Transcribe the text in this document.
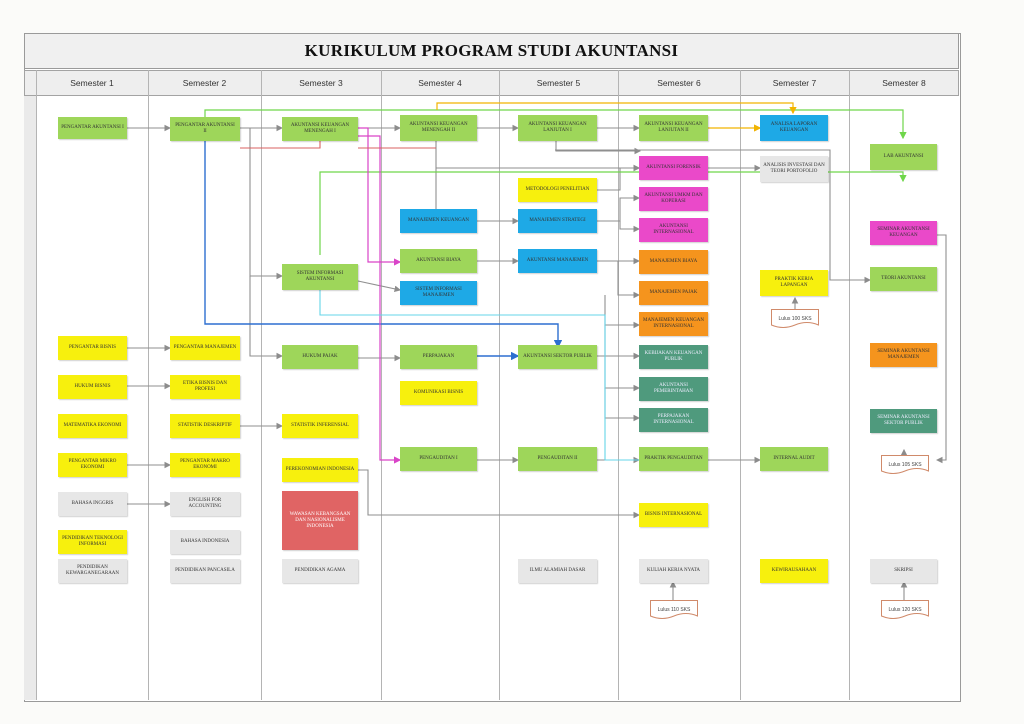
KURIKULUM PROGRAM STUDI AKUNTANSI
Semester 1	Semester 2	Semester 3	Semester 4	Semester 5	Semester 6	Semester 7	Semester 8
PENGANTAR AKUNTANSI I
PENGANTAR BISNIS
HUKUM BISNIS
MATEMATIKA EKONOMI
PENGANTAR MIKRO EKONOMI
BAHASA INGGRIS
PENDIDIKAN TEKNOLOGI INFORMASI
PENDIDIKAN KEWARGANEGARAAN
PENGANTAR AKUNTANSI II
PENGANTAR MANAJEMEN
ETIKA BISNIS DAN PROFESI
STATISTIK DESKRIPTIF
PENGANTAR MAKRO EKONOMI
ENGLISH FOR ACCOUNTING
BAHASA INDONESIA
PENDIDIKAN PANCASILA
AKUNTANSI KEUANGAN MENENGAH I
SISTEM INFORMASI AKUNTANSI
HUKUM PAJAK
STATISTIK INFERENSIAL
PEREKONOMIAN INDONESIA
WAWASAN KEBANGSAAN DAN NASIONALISME INDONESIA
PENDIDIKAN AGAMA
AKUNTANSI KEUANGAN MENENGAH II
MANAJEMEN KEUANGAN
AKUNTANSI BIAYA
SISTEM INFORMASI MANAJEMEN
PERPAJAKAN
KOMUNIKASI BISNIS
PENGAUDITAN I
AKUNTANSI KEUANGAN LANJUTAN I
METODOLOGI PENELITIAN
MANAJEMEN STRATEGI
AKUNTANSI MANAJEMEN
AKUNTANSI SEKTOR PUBLIK
PENGAUDITAN II
ILMU ALAMIAH DASAR
AKUNTANSI KEUANGAN LANJUTAN II
AKUNTANSI FORENSIK
AKUNTANSI UMKM DAN KOPERASI
AKUNTANSI INTERNASIONAL
MANAJEMEN BIAYA
MANAJEMEN PAJAK
MANAJEMEN KEUANGAN INTERNASIONAL
KEBIJAKAN KEUANGAN PUBLIK
AKUNTANSI PEMERINTAHAN
PERPAJAKAN INTERNASIONAL
PRAKTIK PENGAUDITAN
BISNIS INTERNASIONAL
KULIAH KERJA NYATA
ANALISA LAPORAN KEUANGAN
ANALISIS INVESTASI DAN TEORI PORTOFOLIO
PRAKTIK KERJA LAPANGAN
INTERNAL AUDIT
KEWIRAUSAHAAN
LAB AKUNTANSI
SEMINAR AKUNTANSI KEUANGAN
TEORI AKUNTANSI
SEMINAR AKUNTANSI MANAJEMEN
SEMINAR AKUNTANSI SEKTOR PUBLIK
SKRIPSI
Lulus 100 SKS
Lulus 105 SKS
Lulus 110 SKS	Lulus 120 SKS
